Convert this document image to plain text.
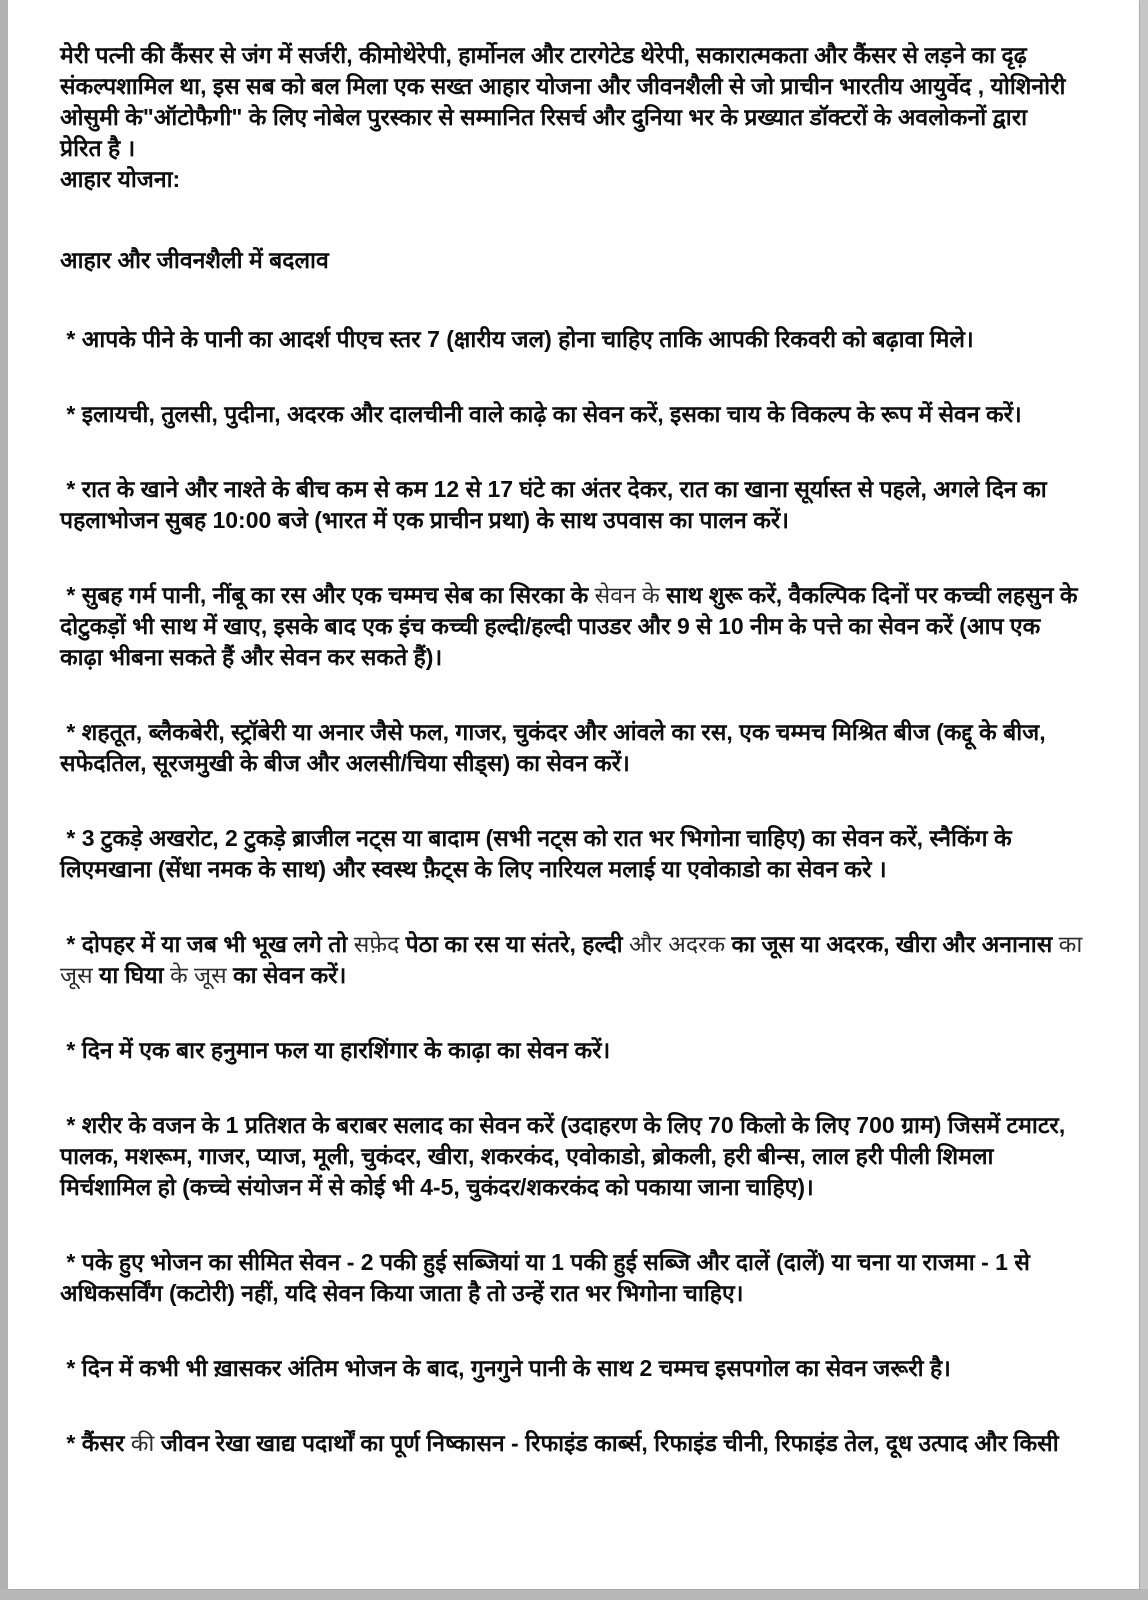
मेरी पत्नी की कैंसर से जंग में सर्जरी, कीमोथेरेपी, हार्मोनल और टारगेटेड थेरेपी, सकारात्मकता और कैंसर से लड़ने का दृढ़
संकल्पशामिल था, इस सब को बल मिला एक सख्त आहार योजना और जीवनशैली से जो प्राचीन भारतीय आयुर्वेद , योशिनोरी
ओसुमी के"ऑटोफैगी" के लिए नोबेल पुरस्कार से सम्मानित रिसर्च और दुनिया भर के प्रख्यात डॉक्टरों के अवलोकनों द्वारा
प्रेरित है ।
आहार योजना:
आहार और जीवनशैली में बदलाव
* आपके पीने के पानी का आदर्श पीएच स्तर 7 (क्षारीय जल) होना चाहिए ताकि आपकी रिकवरी को बढ़ावा मिले।
* इलायची, तुलसी, पुदीना, अदरक और दालचीनी वाले काढ़े का सेवन करें, इसका चाय के विकल्प के रूप में सेवन करें।
* रात के खाने और नाश्ते के बीच कम से कम 12 से 17 घंटे का अंतर देकर, रात का खाना सूर्यास्त से पहले, अगले दिन का
पहलाभोजन सुबह 10:00 बजे (भारत में एक प्राचीन प्रथा) के साथ उपवास का पालन करें।
* सुबह गर्म पानी, नींबू का रस और एक चम्मच सेब का सिरका के सेवन के साथ शुरू करें, वैकल्पिक दिनों पर कच्ची लहसुन के
दोटुकड़ों भी साथ में खाए, इसके बाद एक इंच कच्ची हल्दी/हल्दी पाउडर और 9 से 10 नीम के पत्ते का सेवन करें (आप एक
काढ़ा भीबना सकते हैं और सेवन कर सकते हैं)।
* शहतूत, ब्लैकबेरी, स्ट्रॉबेरी या अनार जैसे फल, गाजर, चुकंदर और आंवले का रस, एक चम्मच मिश्रित बीज (कद्दू के बीज,
सफेदतिल, सूरजमुखी के बीज और अलसी/चिया सीड्स) का सेवन करें।
* 3 टुकड़े अखरोट, 2 टुकड़े ब्राजील नट्स या बादाम (सभी नट्स को रात भर भिगोना चाहिए) का सेवन करें, स्नैकिंग के
लिएमखाना (सेंधा नमक के साथ) और स्वस्थ फ़ैट्स के लिए नारियल मलाई या एवोकाडो का सेवन करे ।
* दोपहर में या जब भी भूख लगे तो सफ़ेद पेठा का रस या संतरे, हल्दी और अदरक का जूस या अदरक, खीरा और अनानास का
जूस या घिया के जूस का सेवन करें।
* दिन में एक बार हनुमान फल या हारशिंगार के काढ़ा का सेवन करें।
* शरीर के वजन के 1 प्रतिशत के बराबर सलाद का सेवन करें (उदाहरण के लिए 70 किलो के लिए 700 ग्राम) जिसमें टमाटर,
पालक, मशरूम, गाजर, प्याज, मूली, चुकंदर, खीरा, शकरकंद, एवोकाडो, ब्रोकली, हरी बीन्स, लाल हरी पीली शिमला
मिर्चशामिल हो (कच्चे संयोजन में से कोई भी 4-5, चुकंदर/शकरकंद को पकाया जाना चाहिए)।
* पके हुए भोजन का सीमित सेवन - 2 पकी हुई सब्जियां या 1 पकी हुई सब्जि और दालें (दालें) या चना या राजमा - 1 से
अधिकसर्विंग (कटोरी) नहीं, यदि सेवन किया जाता है तो उन्हें रात भर भिगोना चाहिए।
* दिन में कभी भी ख़ासकर अंतिम भोजन के बाद, गुनगुने पानी के साथ 2 चम्मच इसपगोल का सेवन जरूरी है।
* कैंसर की जीवन रेखा खाद्य पदार्थों का पूर्ण निष्कासन - रिफाइंड कार्ब्स, रिफाइंड चीनी, रिफाइंड तेल, दूध उत्पाद और किसी
